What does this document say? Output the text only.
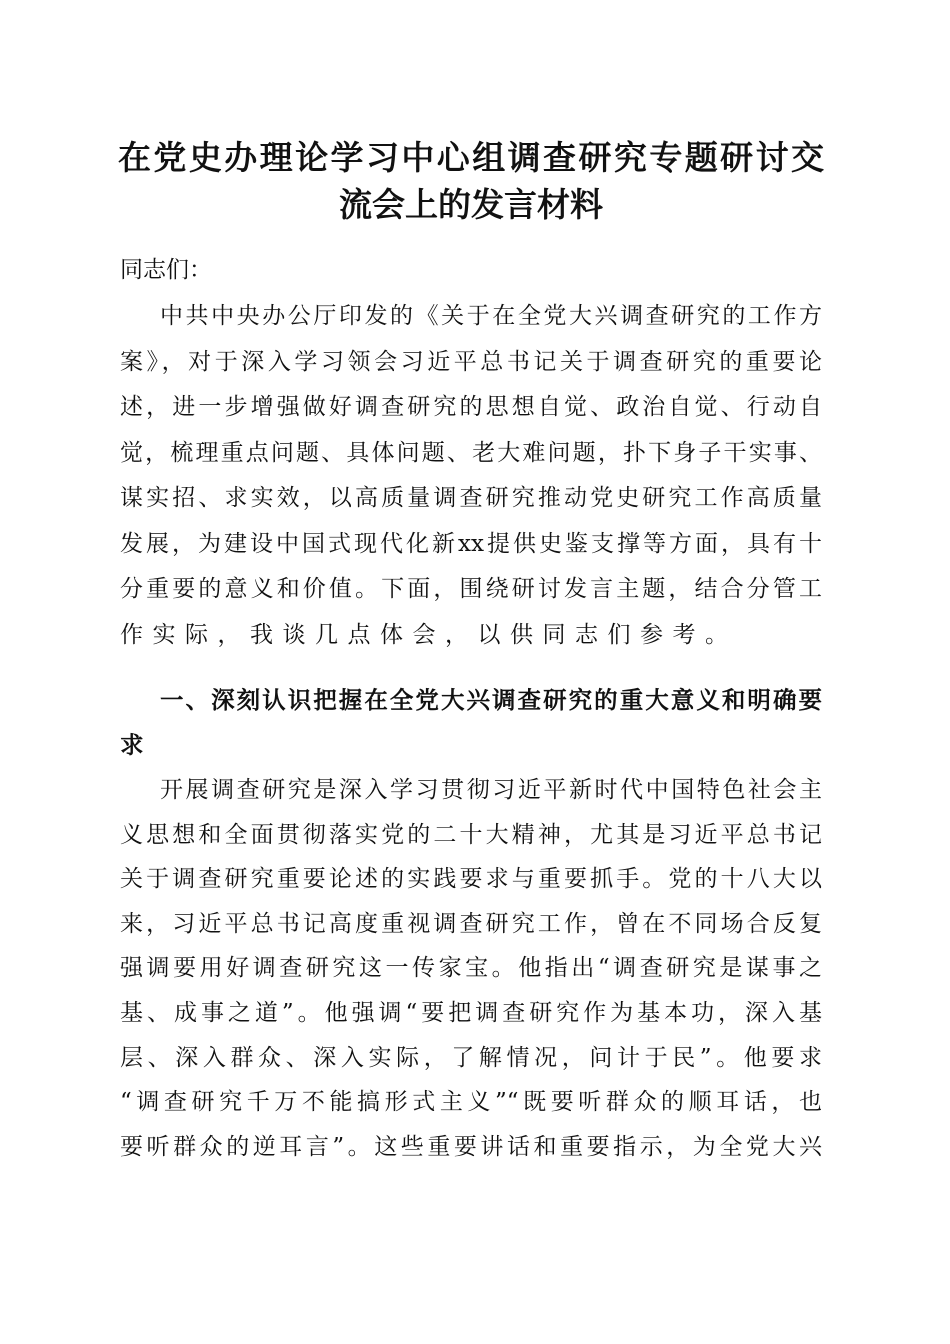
在党史办理论学习中心组调查研究专题研讨交
流会上的发言材料
同志们：
中共中央办公厅印发的《关于在全党大兴调查研究的工作方
案》，对于深入学习领会习近平总书记关于调查研究的重要论
述，进一步增强做好调查研究的思想自觉、政治自觉、行动自
觉，梳理重点问题、具体问题、老大难问题，扑下身子干实事、
谋实招、求实效，以高质量调查研究推动党史研究工作高质量
发展，为建设中国式现代化新xx提供史鉴支撑等方面，具有十
分重要的意义和价值。下面，围绕研讨发言主题，结合分管工
作实际，我谈几点体会，以供同志们参考。
一、深刻认识把握在全党大兴调查研究的重大意义和明确要
求
开展调查研究是深入学习贯彻习近平新时代中国特色社会主
义思想和全面贯彻落实党的二十大精神，尤其是习近平总书记
关于调查研究重要论述的实践要求与重要抓手。党的十八大以
来，习近平总书记高度重视调查研究工作，曾在不同场合反复
强调要用好调查研究这一传家宝。他指出“调查研究是谋事之
基、成事之道”。他强调“要把调查研究作为基本功，深入基
层、深入群众、深入实际，了解情况，问计于民”。他要求
“调查研究千万不能搞形式主义”“既要听群众的顺耳话，也
要听群众的逆耳言”。这些重要讲话和重要指示，为全党大兴
